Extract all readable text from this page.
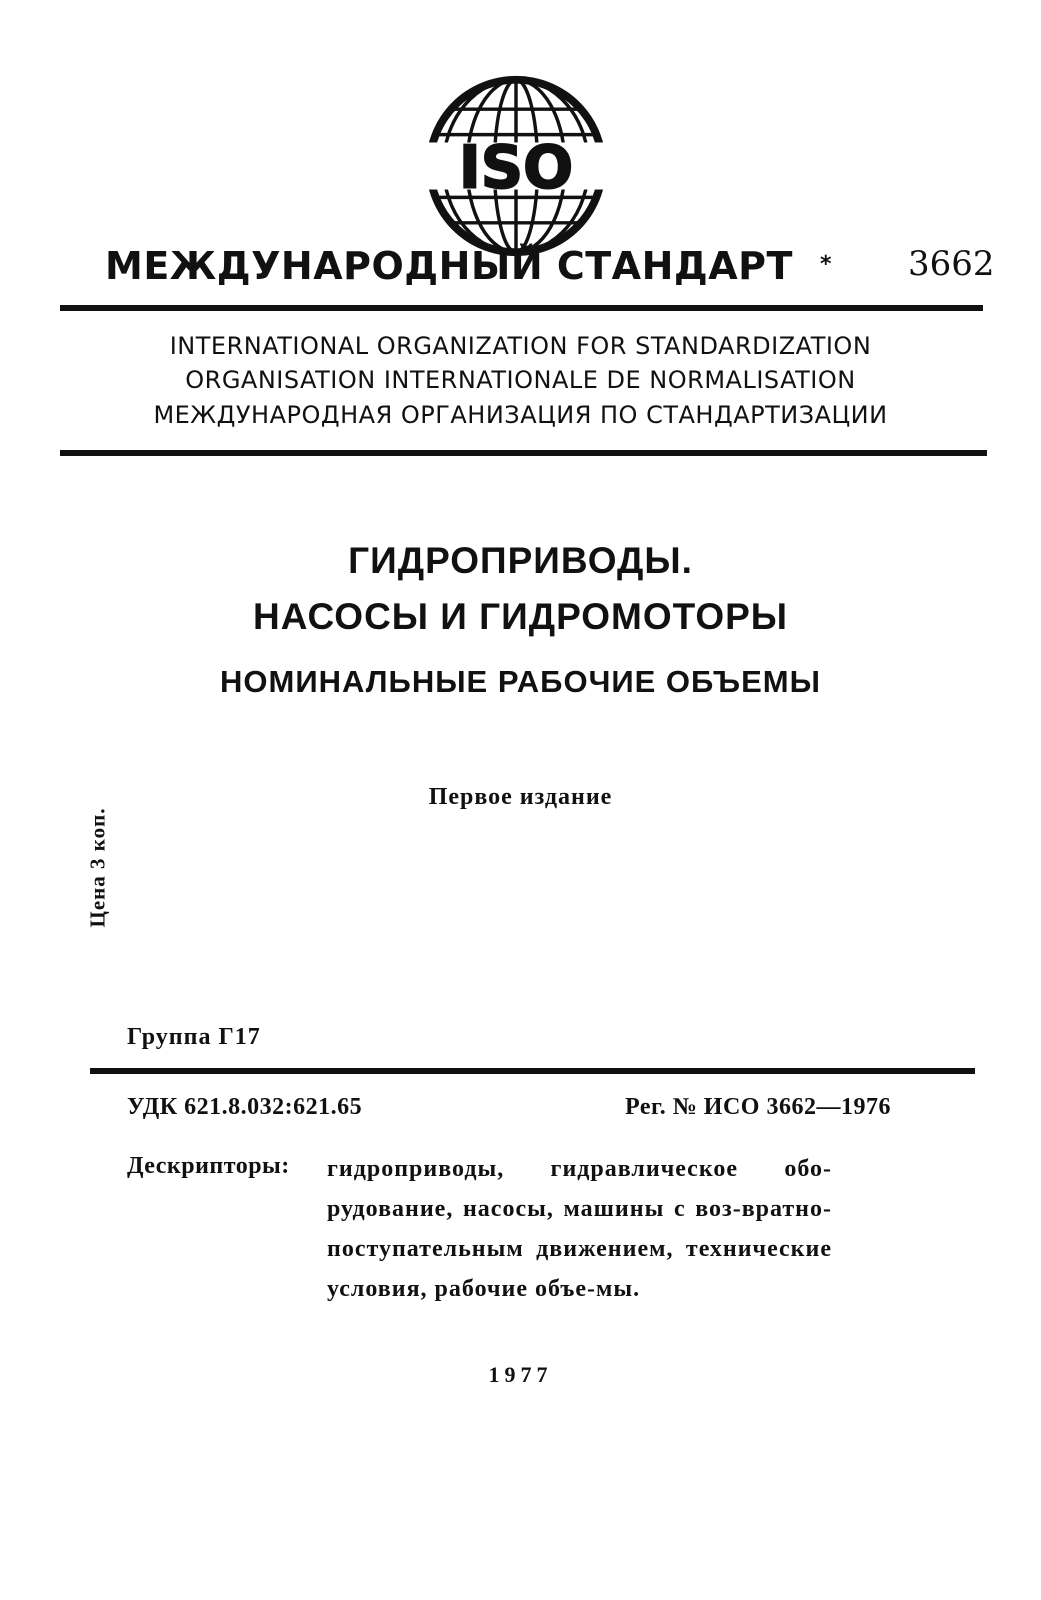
ISO
МЕЖДУНАРОДНЫЙ СТАНДАРТ * 3662
INTERNATIONAL ORGANIZATION FOR STANDARDIZATION
ORGANISATION INTERNATIONALE DE NORMALISATION
МЕЖДУНАРОДНАЯ ОРГАНИЗАЦИЯ ПО СТАНДАРТИЗАЦИИ
ГИДРОПРИВОДЫ.
НАСОСЫ И ГИДРОМОТОРЫ
НОМИНАЛЬНЫЕ РАБОЧИЕ ОБЪЕМЫ
Первое издание
Цена 3 коп.
Группа Г17
УДК 621.8.032:621.65	Рег. № ИСО 3662—1976
Дескрипторы: гидроприводы, гидравлическое обо-рудование, насосы, машины с воз-вратно-поступательным движением, технические условия, рабочие объе-мы.
1977
